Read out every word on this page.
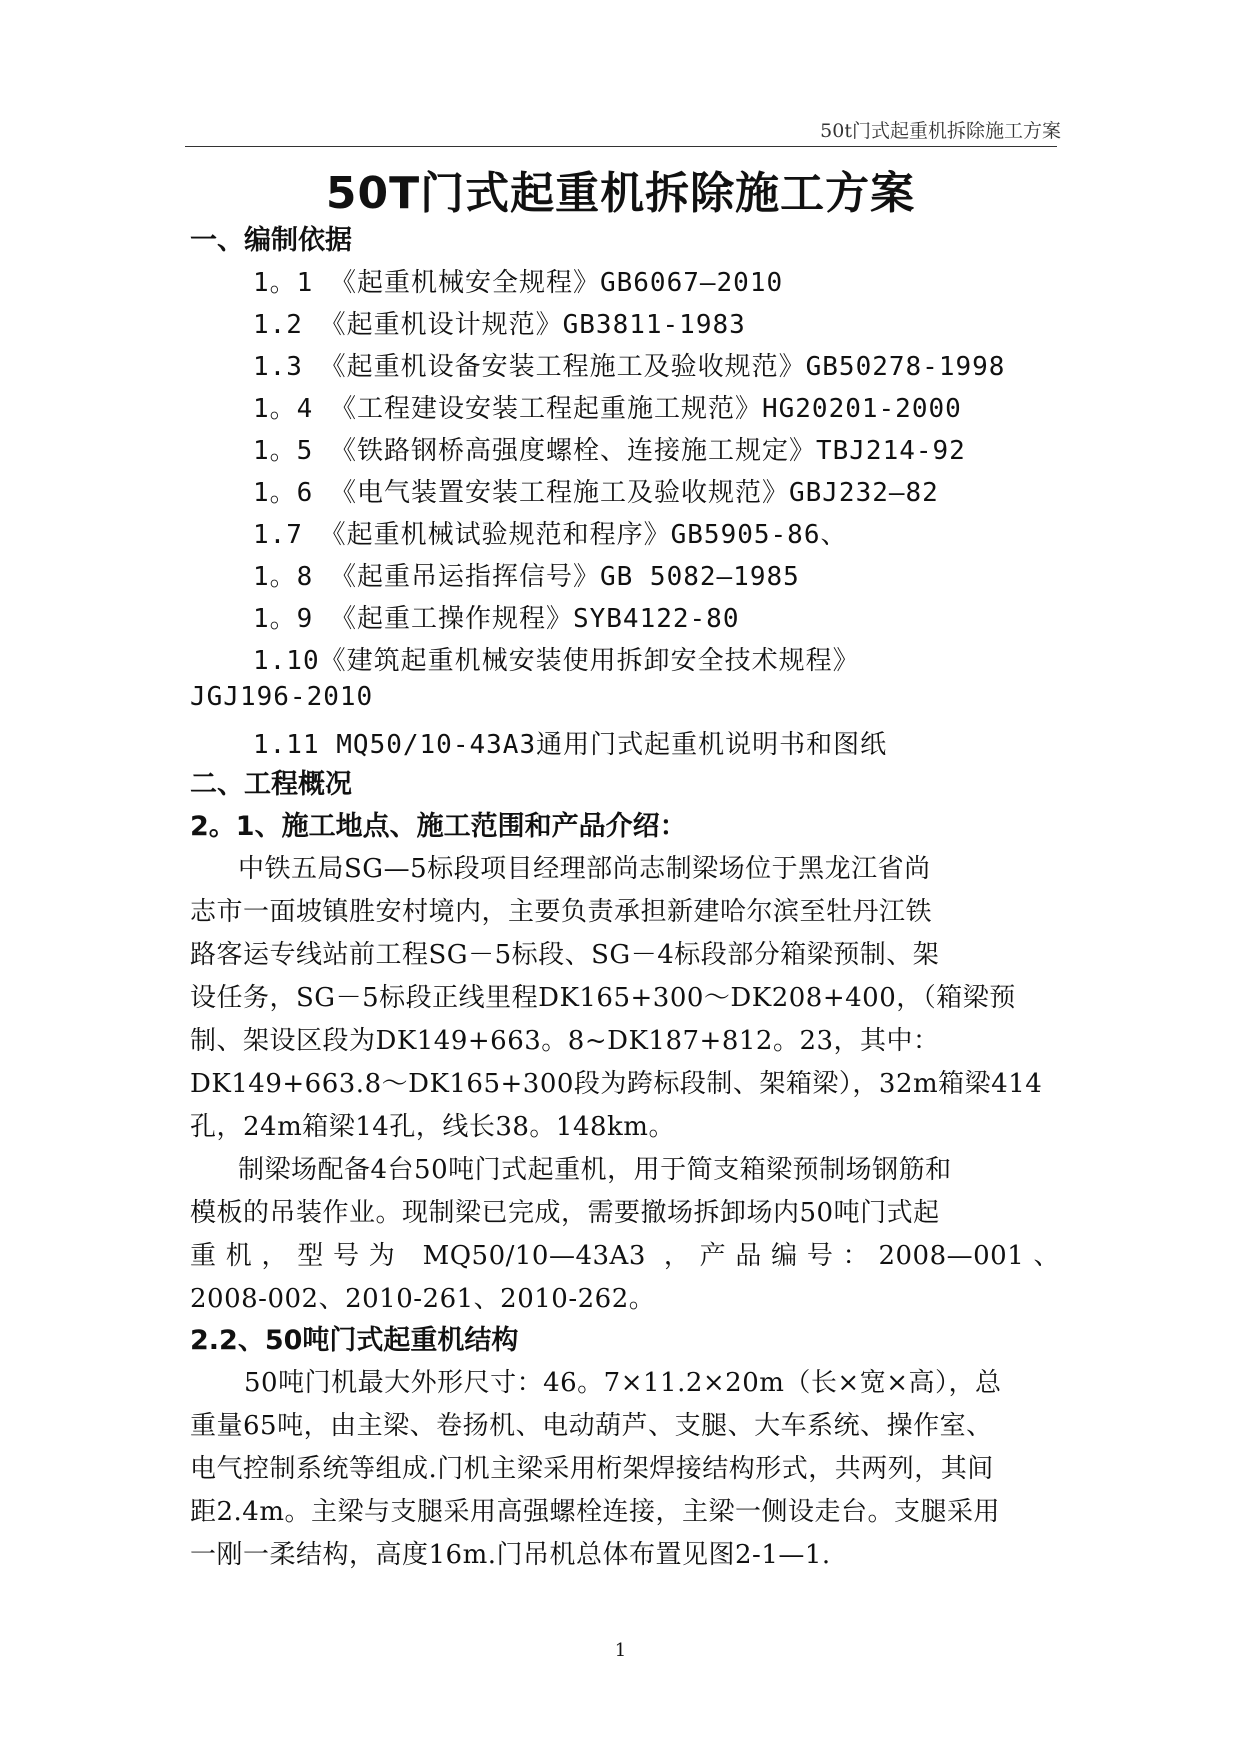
50t门式起重机拆除施工方案
50T门式起重机拆除施工方案
一、编制依据
1。1 《起重机械安全规程》GB6067—2010
1.2 《起重机设计规范》GB3811-1983
1.3 《起重机设备安装工程施工及验收规范》GB50278-1998
1。4 《工程建设安装工程起重施工规范》HG20201-2000
1。5 《铁路钢桥高强度螺栓、连接施工规定》TBJ214-92
1。6 《电气装置安装工程施工及验收规范》GBJ232—82
1.7 《起重机械试验规范和程序》GB5905-86、
1。8 《起重吊运指挥信号》GB 5082—1985
1。9 《起重工操作规程》SYB4122-80
1.10《建筑起重机械安装使用拆卸安全技术规程》
JGJ196-2010
1.11 MQ50/10-43A3通用门式起重机说明书和图纸
二、工程概况
2。1、施工地点、施工范围和产品介绍：
中铁五局SG—5标段项目经理部尚志制梁场位于黑龙江省尚
志市一面坡镇胜安村境内，主要负责承担新建哈尔滨至牡丹江铁
路客运专线站前工程SG－5标段、SG－4标段部分箱梁预制、架
设任务，SG－5标段正线里程DK165+300～DK208+400，（箱梁预
制、架设区段为DK149+663。8~DK187+812。23，其中：
DK149+663.8～DK165+300段为跨标段制、架箱梁），32m箱梁414
孔，24m箱梁14孔，线长38。148km。
制梁场配备4台50吨门式起重机，用于简支箱梁预制场钢筋和
模板的吊装作业。现制梁已完成，需要撤场拆卸场内50吨门式起
重机，型号为 MQ50/10—43A3 ，产品编号：2008—001、
2008-002、2010-261、2010-262。
2.2、50吨门式起重机结构
50吨门机最大外形尺寸：46。7×11.2×20m（长×宽×高），总
重量65吨，由主梁、卷扬机、电动葫芦、支腿、大车系统、操作室、
电气控制系统等组成.门机主梁采用桁架焊接结构形式，共两列，其间
距2.4m。主梁与支腿采用高强螺栓连接，主梁一侧设走台。支腿采用
一刚一柔结构，高度16m.门吊机总体布置见图2-1—1.
1
